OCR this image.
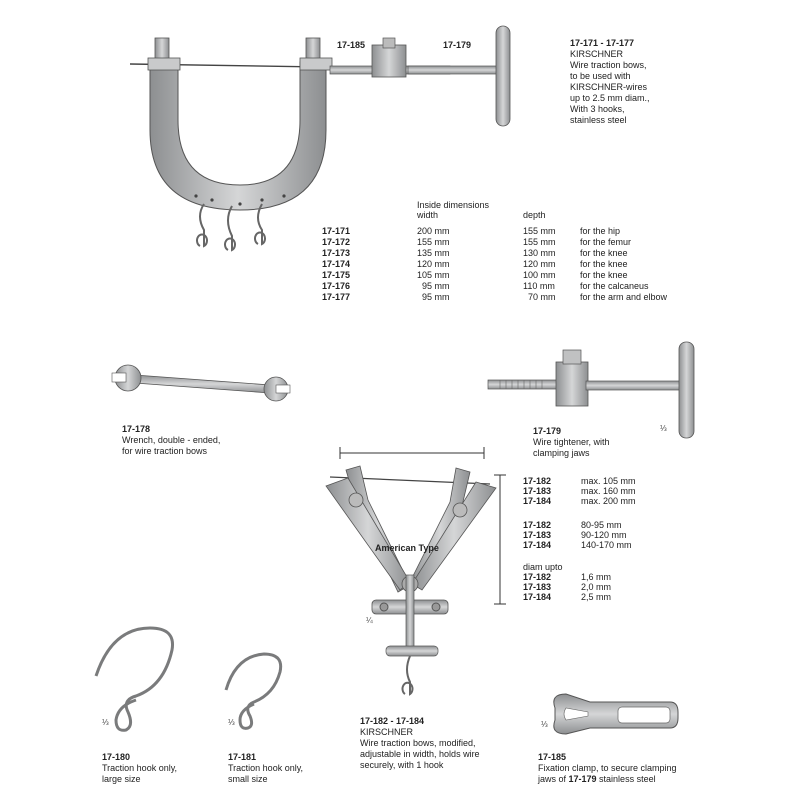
17-185	17-179	17-171 - 17-177
KIRSCHNER
Wire traction bows,
to be used with
KIRSCHNER-wires
up to 2.5 mm diam.,
With 3 hooks,
stainless steel
Inside dimensions
width	depth
17-171	200 mm	155 mm	for the hip
17-172	155 mm	155 mm	for the femur
17-173	135 mm	130 mm	for the knee
17-174	120 mm	120 mm	for the knee
17-175	105 mm	100 mm	for the knee
17-176	95 mm	110 mm	for the calcaneus
17-177	95 mm	70 mm	for the arm and elbow
17-178
Wrench, double - ended,
for wire traction bows
17-179
Wire tightener, with
clamping jaws
⅓
American Type
¼
17-182	max. 105 mm
17-183	max. 160 mm
17-184	max. 200 mm
17-182	80-95 mm
17-183	90-120 mm
17-184	140-170 mm
diam upto
17-182	1,6 mm
17-183	2,0 mm
17-184	2,5 mm
⅓
17-180
Traction hook only,
large size
⅓
17-181
Traction hook only,
small size
17-182 - 17-184
KIRSCHNER
Wire traction bows, modified,
adjustable in width, holds wire
securely, with 1 hook
⅓
17-185
Fixation clamp, to secure clamping
jaws of 17-179 stainless steel
